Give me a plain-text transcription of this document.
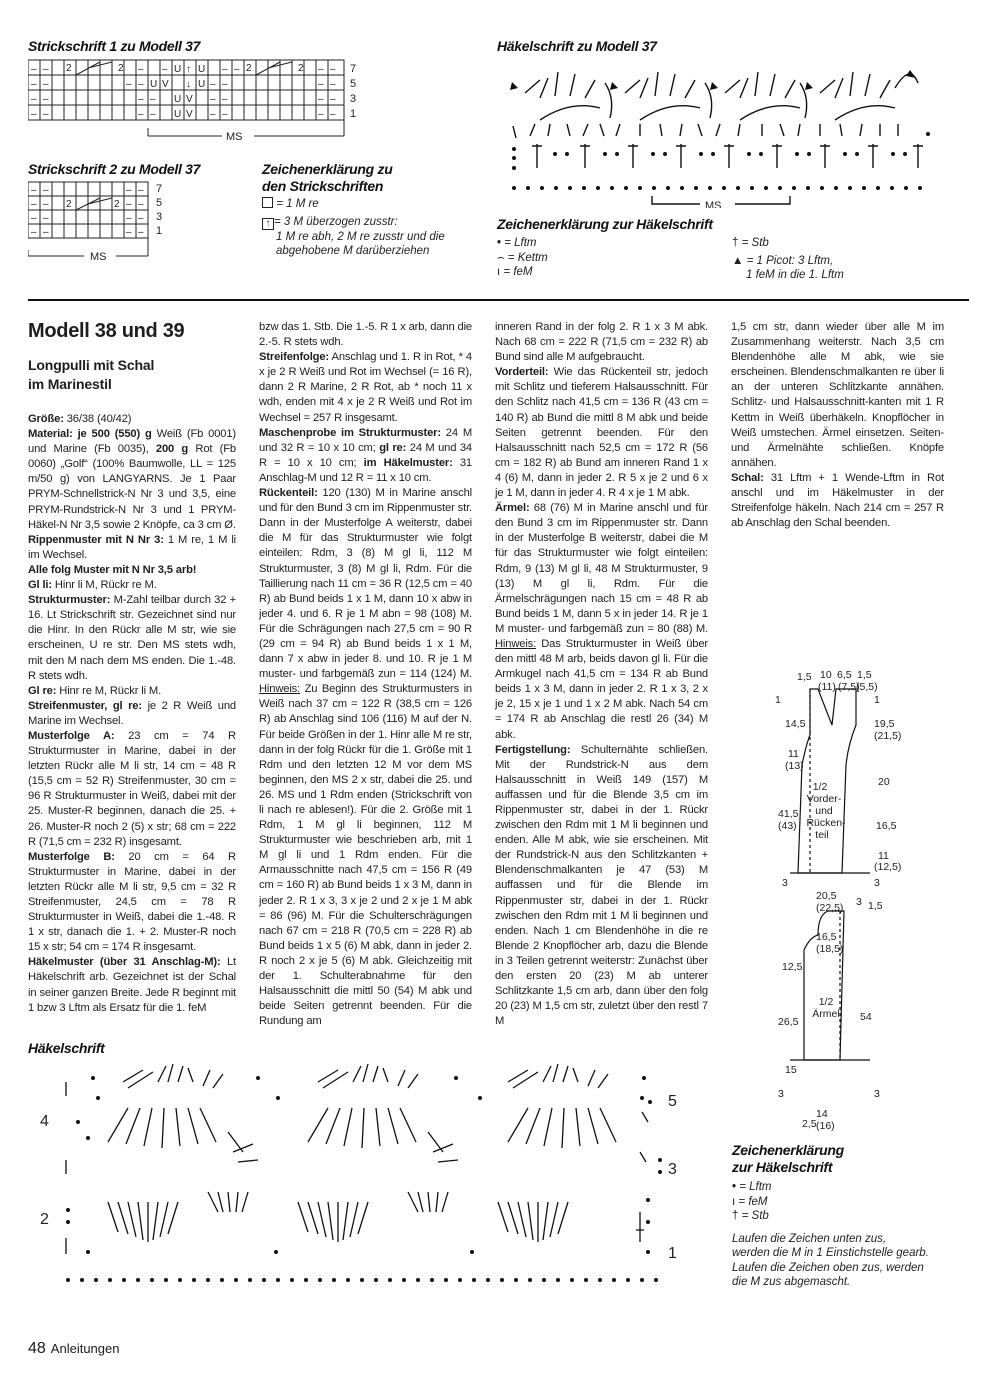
Strickschrift 1 zu Modell 37
– – 2	2 – – U ↑ U – – 2	2 – –
– –	– – U V ↓ U – –	– –
– –	– – U V – –	– –
– –	– – U V – –	– –
7
5
3
1
MS
Strickschrift 2 zu Modell 37
– –	– –
– – 2	2 – –
– –	– –
– –	– –
7
5
3
1
MS
Zeichenerklärung zu
den Strickschriften
= 1 M re
↑ = 3 M überzogen zusstr:
1 M re abh, 2 M re zusstr und die
abgehobene M darüberziehen
Häkelschrift zu Modell 37
MS
Zeichenerklärung zur Häkelschrift
• = Lftm
⌢ = Kettm
ı = feM
† = Stb
▲ = 1 Picot: 3 Lftm,
1 feM in die 1. Lftm
Modell 38 und 39
Longpulli mit Schal
im Marinestil

Größe: 36/38 (40/42)

Material: je 500 (550) g Weiß (Fb 0001) und Marine (Fb 0035), 200 g Rot (Fb 0060) „Golf“ (100% Baumwolle, LL = 125 m/50 g) von LANGYARNS. Je 1 Paar PRYM-Schnellstrick-N Nr 3 und 3,5, eine PRYM-Rundstrick-N Nr 3 und 1 PRYM-Häkel-N Nr 3,5 sowie 2 Knöpfe, ca 3 cm Ø.

Rippenmuster mit N Nr 3: 1 M re, 1 M li im Wechsel.

Alle folg Muster mit N Nr 3,5 arb!

Gl li: Hinr li M, Rückr re M.

Strukturmuster: M-Zahl teilbar durch 32 + 16. Lt Strickschrift str. Gezeichnet sind nur die Hinr. In den Rückr alle M str, wie sie erscheinen, U re str. Den MS stets wdh, mit den M nach dem MS enden. Die 1.-48. R stets wdh.

Gl re: Hinr re M, Rückr li M.

Streifenmuster, gl re: je 2 R Weiß und Marine im Wechsel.

Musterfolge A: 23 cm = 74 R Strukturmuster in Marine, dabei in der letzten Rückr alle M li str, 14 cm = 48 R (15,5 cm = 52 R) Streifenmuster, 30 cm = 96 R Strukturmuster in Weiß, dabei mit der 25. Muster-R beginnen, danach die 25. + 26. Muster-R noch 2 (5) x str; 68 cm = 222 R (71,5 cm = 232 R) insgesamt.

Musterfolge B: 20 cm = 64 R Strukturmuster in Marine, dabei in der letzten Rückr alle M li str, 9,5 cm = 32 R Streifenmuster, 24,5 cm = 78 R Strukturmuster in Weiß, dabei die 1.-48. R 1 x str, danach die 1. + 2. Muster-R noch 15 x str; 54 cm = 174 R insgesamt.

Häkelmuster (über 31 Anschlag-M): Lt Häkelschrift arb. Gezeichnet ist der Schal in seiner ganzen Breite. Jede R beginnt mit 1 bzw 3 Lftm als Ersatz für die 1. feM

bzw das 1. Stb. Die 1.-5. R 1 x arb, dann die 2.-5. R stets wdh.

Streifenfolge: Anschlag und 1. R in Rot, * 4 x je 2 R Weiß und Rot im Wechsel (= 16 R), dann 2 R Marine, 2 R Rot, ab * noch 11 x wdh, enden mit 4 x je 2 R Weiß und Rot im Wechsel = 257 R insgesamt.

Maschenprobe im Strukturmuster: 24 M und 32 R = 10 x 10 cm; gl re: 24 M und 34 R = 10 x 10 cm; im Häkelmuster: 31 Anschlag-M und 12 R = 11 x 10 cm.

Rückenteil: 120 (130) M in Marine anschl und für den Bund 3 cm im Rippenmuster str. Dann in der Musterfolge A weiterstr, dabei die M für das Strukturmuster wie folgt einteilen: Rdm, 3 (8) M gl li, 112 M Strukturmuster, 3 (8) M gl li, Rdm. Für die Taillierung nach 11 cm = 36 R (12,5 cm = 40 R) ab Bund beids 1 x 1 M, dann 10 x abw in jeder 4. und 6. R je 1 M abn = 98 (108) M. Für die Schrägungen nach 27,5 cm = 90 R (29 cm = 94 R) ab Bund beids 1 x 1 M, dann 7 x abw in jeder 8. und 10. R je 1 M muster- und farbgemäß zun = 114 (124) M. Hinweis: Zu Beginn des Strukturmusters in Weiß nach 37 cm = 122 R (38,5 cm = 126 R) ab Anschlag sind 106 (116) M auf der N. Für beide Größen in der 1. Hinr alle M re str, dann in der folg Rückr für die 1. Größe mit 1 Rdm und den letzten 12 M vor dem MS beginnen, den MS 2 x str, dabei die 25. und 26. MS und 1 Rdm enden (Strickschrift von li nach re ablesen!). Für die 2. Größe mit 1 Rdm, 1 M gl li beginnen, 112 M Strukturmuster wie beschrieben arb, mit 1 M gl li und 1 Rdm enden. Für die Armausschnitte nach 47,5 cm = 156 R (49 cm = 160 R) ab Bund beids 1 x 3 M, dann in jeder 2. R 1 x 3, 3 x je 2 und 2 x je 1 M abk = 86 (96) M. Für die Schulterschrägungen nach 67 cm = 218 R (70,5 cm = 228 R) ab Bund beids 1 x 5 (6) M abk, dann in jeder 2. R noch 2 x je 5 (6) M abk. Gleichzeitig mit der 1. Schulterabnahme für den Halsausschnitt die mittl 50 (54) M abk und beide Seiten getrennt beenden. Für die Rundung am

inneren Rand in der folg 2. R 1 x 3 M abk. Nach 68 cm = 222 R (71,5 cm = 232 R) ab Bund sind alle M aufgebraucht.

Vorderteil: Wie das Rückenteil str, jedoch mit Schlitz und tieferem Halsausschnitt. Für den Schlitz nach 41,5 cm = 136 R (43 cm = 140 R) ab Bund die mittl 8 M abk und beide Seiten getrennt beenden. Für den Halsausschnitt nach 52,5 cm = 172 R (56 cm = 182 R) ab Bund am inneren Rand 1 x 4 (6) M, dann in jeder 2. R 5 x je 2 und 6 x je 1 M, dann in jeder 4. R 4 x je 1 M abk.

Ärmel: 68 (76) M in Marine anschl und für den Bund 3 cm im Rippenmuster str. Dann in der Musterfolge B weiterstr, dabei die M für das Strukturmuster wie folgt einteilen: Rdm, 9 (13) M gl li, 48 M Strukturmuster, 9 (13) M gl li, Rdm. Für die Ärmelschrägungen nach 15 cm = 48 R ab Bund beids 1 M, dann 5 x in jeder 14. R je 1 M muster- und farbgemäß zun = 80 (88) M. Hinweis: Das Strukturmuster in Weiß über den mittl 48 M arb, beids davon gl li. Für die Armkugel nach 41,5 cm = 134 R ab Bund beids 1 x 3 M, dann in jeder 2. R 1 x 3, 2 x je 2, 15 x je 1 und 1 x 2 M abk. Nach 54 cm = 174 R ab Anschlag die restl 26 (34) M abk.

Fertigstellung: Schulternähte schließen. Mit der Rundstrick-N aus dem Halsausschnitt in Weiß 149 (157) M auffassen und für die Blende 3,5 cm im Rippenmuster str, dabei in der 1. Rückr zwischen den Rdm mit 1 M li beginnen und enden. Alle M abk, wie sie erscheinen. Mit der Rundstrick-N aus den Schlitzkanten + Blendenschmalkanten je 47 (53) M auffassen und für die Blende im Rippenmuster str, dabei in der 1. Rückr zwischen den Rdm mit 1 M li beginnen und enden. Nach 1 cm Blendenhöhe in die re Blende 2 Knopflöcher arb, dazu die Blende in 3 Teilen getrennt weiterstr: Zunächst über den ersten 20 (23) M ab unterer Schlitzkante 1,5 cm arb, dann über den folg 20 (23) M 1,5 cm str, zuletzt über den restl 7 M

1,5 cm str, dann wieder über alle M im Zusammenhang weiterstr. Nach 3,5 cm Blendenhöhe alle M abk, wie sie erscheinen. Blendenschmalkanten re über li an der unteren Schlitzkante annähen. Schlitz- und Halsausschnitt-kanten mit 1 R Kettm in Weiß überhäkeln. Knopflöcher in Weiß umstechen. Ärmel einsetzen. Seiten- und Ärmelnähte schließen. Knöpfe annähen.

Schal: 31 Lftm + 1 Wende-Lftm in Rot anschl und im Häkelmuster in der Streifenfolge häkeln. Nach 214 cm = 257 R ab Anschlag den Schal beenden.

1,5 10 6,5 1,5
(11) (7,5)
(5,5)
1	1
14,5	19,5
(21,5)
11
(13)
20
41,5
(43)	16,5
11
(12,5)
3	3
20,5
(22,5) 3 1,5
1/2
Vorder-
und
Rücken-
teil
16,5
(18,5)
12,5
26,5	54
15
3	3
14
(16)
2,5
1/2
Ärmel
Zeichenerklärung
zur Häkelschrift
• = Lftm
ı = feM
† = Stb
Laufen die Zeichen unten zus,
werden die M in 1 Einstichstelle gearb.
Laufen die Zeichen oben zus, werden
die M zus abgemascht.
Häkelschrift
5
3
1
4
2
48 Anleitungen
